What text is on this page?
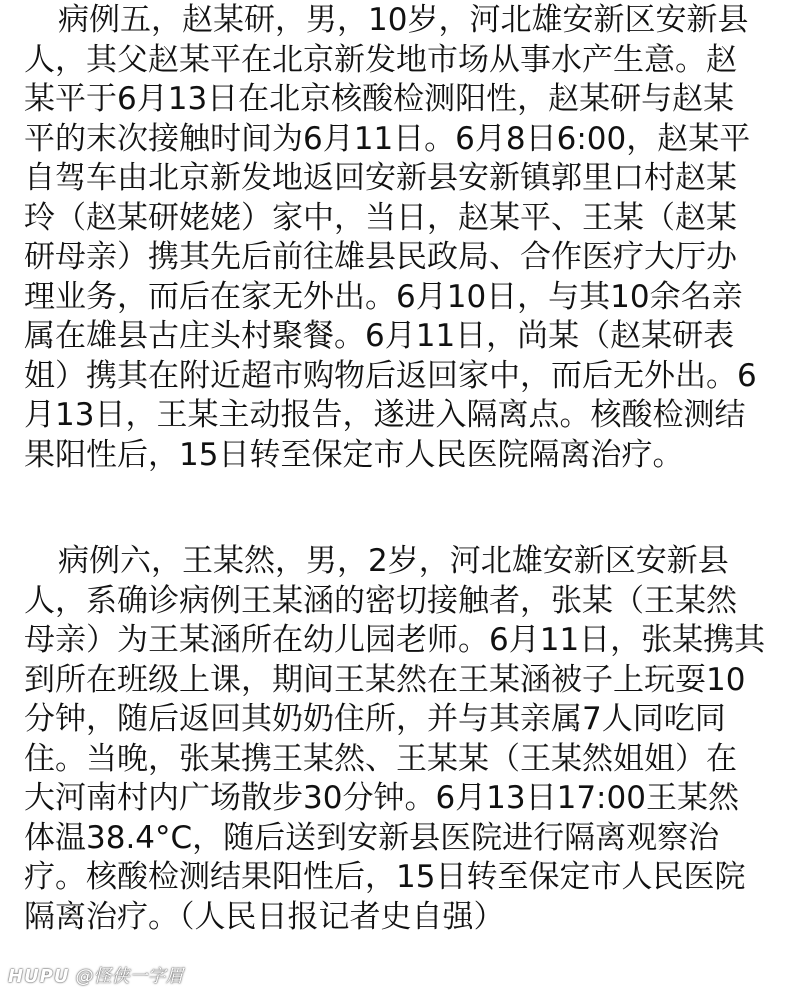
病例五，赵某研，男，10岁，河北雄安新区安新县
人，其父赵某平在北京新发地市场从事水产生意。赵
某平于6月13日在北京核酸检测阳性，赵某研与赵某
平的末次接触时间为6月11日。6月8日6:00，赵某平
自驾车由北京新发地返回安新县安新镇郭里口村赵某
玲（赵某研姥姥）家中，当日，赵某平、王某（赵某
研母亲）携其先后前往雄县民政局、合作医疗大厅办
理业务，而后在家无外出。6月10日，与其10余名亲
属在雄县古庄头村聚餐。6月11日，尚某（赵某研表
姐）携其在附近超市购物后返回家中，而后无外出。6
月13日，王某主动报告，遂进入隔离点。核酸检测结
果阳性后，15日转至保定市人民医院隔离治疗。
病例六，王某然，男，2岁，河北雄安新区安新县
人，系确诊病例王某涵的密切接触者，张某（王某然
母亲）为王某涵所在幼儿园老师。6月11日，张某携其
到所在班级上课，期间王某然在王某涵被子上玩耍10
分钟，随后返回其奶奶住所，并与其亲属7人同吃同
住。当晚，张某携王某然、王某某（王某然姐姐）在
大河南村内广场散步30分钟。6月13日17:00王某然
体温38.4°C，随后送到安新县医院进行隔离观察治
疗。核酸检测结果阳性后，15日转至保定市人民医院
隔离治疗。（人民日报记者史自强）
HUPU @怪侠一字眉
